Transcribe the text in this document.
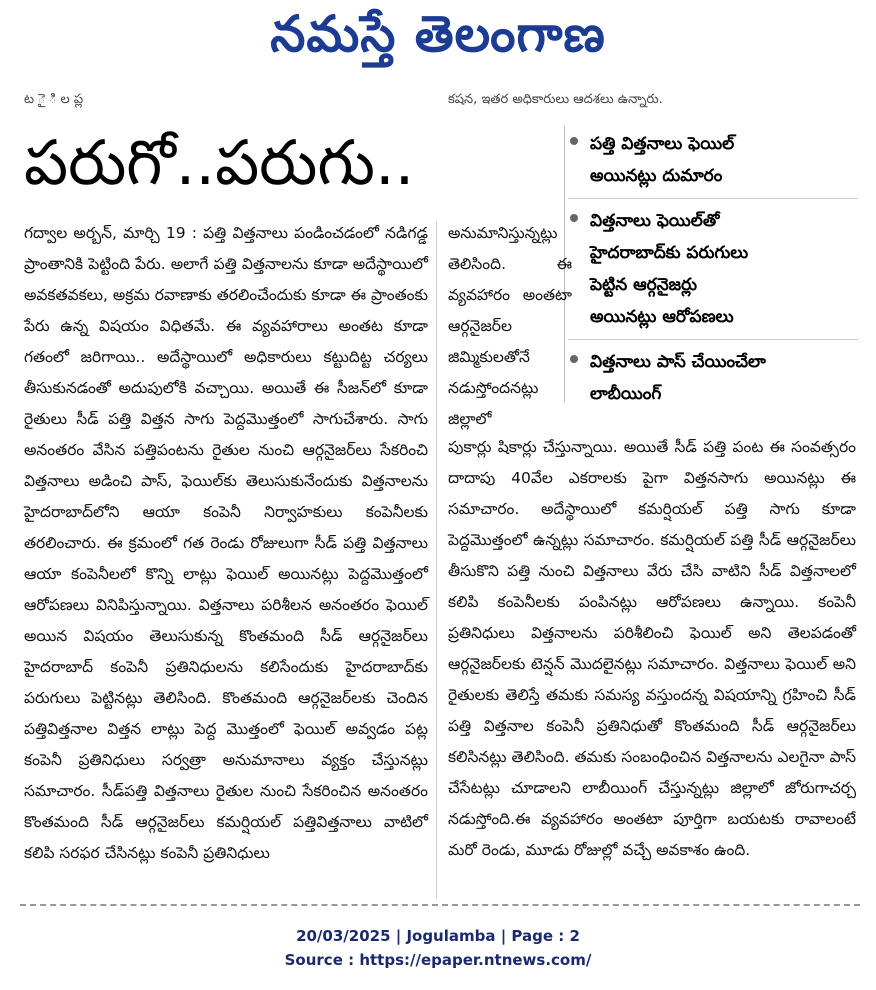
నమస్తే తెలంగాణ
ట ై ి ల ప్ల	కషన, ఇతర అధికారులు ఆదశలు ఉన్నారు.
పరుగో..పరుగు..	పత్తి విత్తనాలు ఫెయిల్
అయినట్లు దుమారం
విత్తనాలు ఫెయిల్‌తో
హైదరాబాద్‌కు పరుగులు
పెట్టిన ఆర్గనైజర్లు
అయినట్లు ఆరోపణలు
విత్తనాలు పాస్ చేయించేలా
లాబీయింగ్
గద్వాల అర్బన్, మార్చి 19 : పత్తి విత్తనాలు పండించడంలో నడిగడ్డ ప్రాంతానికి పెట్టింది పేరు. అలాగే పత్తి విత్తనాలను కూడా అదేస్థాయిలో అవకతవకలు, అక్రమ రవాణాకు తరలించేందుకు కూడా ఈ ప్రాంతంకు పేరు ఉన్న విషయం విధితమే. ఈ వ్యవహారాలు అంతట కూడా గతంలో జరిగాయి.. అదేస్థాయిలో అధికారులు కట్టుదిట్ట చర్యలు తీసుకునడంతో అదుపులోకి వచ్చాయి. అయితే ఈ సీజన్‌లో కూడా రైతులు సీడ్ పత్తి విత్తన సాగు పెద్దమొత్తంలో సాగుచేశారు. సాగు అనంతరం వేసిన పత్తిపంటను రైతుల నుంచి ఆర్గనైజర్‌లు సేకరించి విత్తనాలు అడించి పాస్, ఫెయిల్‌కు తెలుసుకునేందుకు విత్తనాలను హైదరాబాద్‌లోని ఆయా కంపెనీ నిర్వాహకులు కంపెనీలకు తరలించారు. ఈ క్రమంలో గత రెండు రోజులుగా సీడ్ పత్తి విత్తనాలు ఆయా కంపెనీలలో కొన్ని లాట్లు ఫెయిల్ అయినట్లు పెద్దమొత్తంలో ఆరోపణలు వినిపిస్తున్నాయి. విత్తనాలు పరిశీలన అనంతరం ఫెయిల్ అయిన విషయం తెలుసుకున్న కొంతమంది సీడ్ ఆర్గనైజర్‌లు హైదరాబాద్ కంపెనీ ప్రతినిధులను కలిసేందుకు హైదరాబాద్‌కు పరుగులు పెట్టినట్లు తెలిసింది. కొంతమంది ఆర్గనైజర్‌లకు చెందిన పత్తివిత్తనాల విత్తన లాట్లు పెద్ద మొత్తంలో ఫెయిల్ అవ్వడం పట్ల కంపెనీ ప్రతినిధులు సర్వత్రా అనుమానాలు వ్యక్తం చేస్తునట్లు సమాచారం. సీడ్‌పత్తి విత్తనాలు రైతుల నుంచి సేకరించిన అనంతరం కొంతమంది సీడ్ ఆర్గనైజర్‌లు కమర్షియల్ పత్తివిత్తనాలు వాటిలో కలిపి సరఫర చేసినట్లు కంపెనీ ప్రతినిధులు
అనుమానిస్తున్నట్లు తెలిసింది. ఈ వ్యవహారం అంతటా ఆర్గనైజర్‌ల జిమ్మికులతోనే నడుస్తోందనట్లు జిల్లాలో
పుకార్లు షికార్లు చేస్తున్నాయి. అయితే సీడ్ పత్తి పంట ఈ సంవత్సరం దాదాపు 40వేల ఎకరాలకు పైగా విత్తనసాగు అయినట్లు ఈ సమాచారం. అదేస్థాయిలో కమర్షియల్ పత్తి సాగు కూడా పెద్దమొత్తంలో ఉన్నట్లు సమాచారం. కమర్షియల్ పత్తి సీడ్ ఆర్గనైజర్‌లు తీసుకొని పత్తి నుంచి విత్తనాలు వేరు చేసి వాటిని సీడ్ విత్తనాలలో కలిపి కంపెనీలకు పంపినట్లు ఆరోపణలు ఉన్నాయి. కంపెనీ ప్రతినిధులు విత్తనాలను పరిశీలించి ఫెయిల్ అని తెలపడంతో ఆర్గనైజర్‌లకు టెన్షన్ మొదలైనట్లు సమాచారం. విత్తనాలు ఫెయిల్ అని రైతులకు తెలిస్తే తమకు సమస్య వస్తుందన్న విషయాన్ని గ్రహించి సీడ్ పత్తి విత్తనాల కంపెనీ ప్రతినిధుతో కొంతమంది సీడ్ ఆర్గనైజర్‌లు కలిసినట్లు తెలిసింది. తమకు సంబంధించిన విత్తనాలను ఎలగైనా పాస్ చేసేటట్లు చూడాలని లాబీయింగ్ చేస్తున్నట్లు జిల్లాలో జోరుగాచర్చ నడుస్తోంది.ఈ వ్యవహారం అంతటా పూర్తిగా బయటకు రావాలంటే మరో రెండు, మూడు రోజుల్లో వచ్చే అవకాశం ఉంది.
20/03/2025 | Jogulamba | Page : 2
Source : https://epaper.ntnews.com/
